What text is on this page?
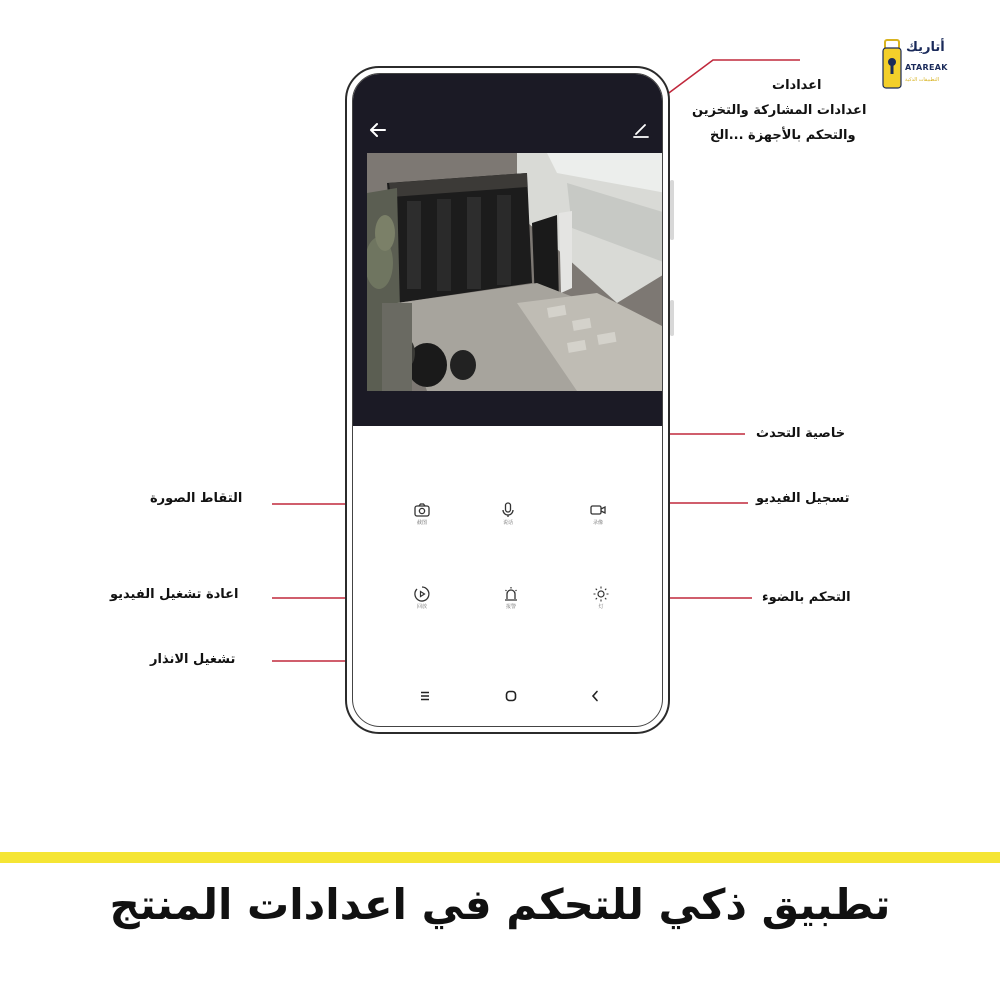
أتاريك
ATAREAK
التطبيقات الذكية
截图	说话	录像
回放	报警	灯
اعدادات
اعدادات المشاركة والتخزين
والتحكم بالأجهزة ...الخ
خاصية التحدث
التقاط الصورة	تسجيل الفيديو
اعادة تشغيل الفيديو	التحكم بالضوء
تشغيل الانذار
تطبيق ذكي للتحكم في اعدادات المنتج
